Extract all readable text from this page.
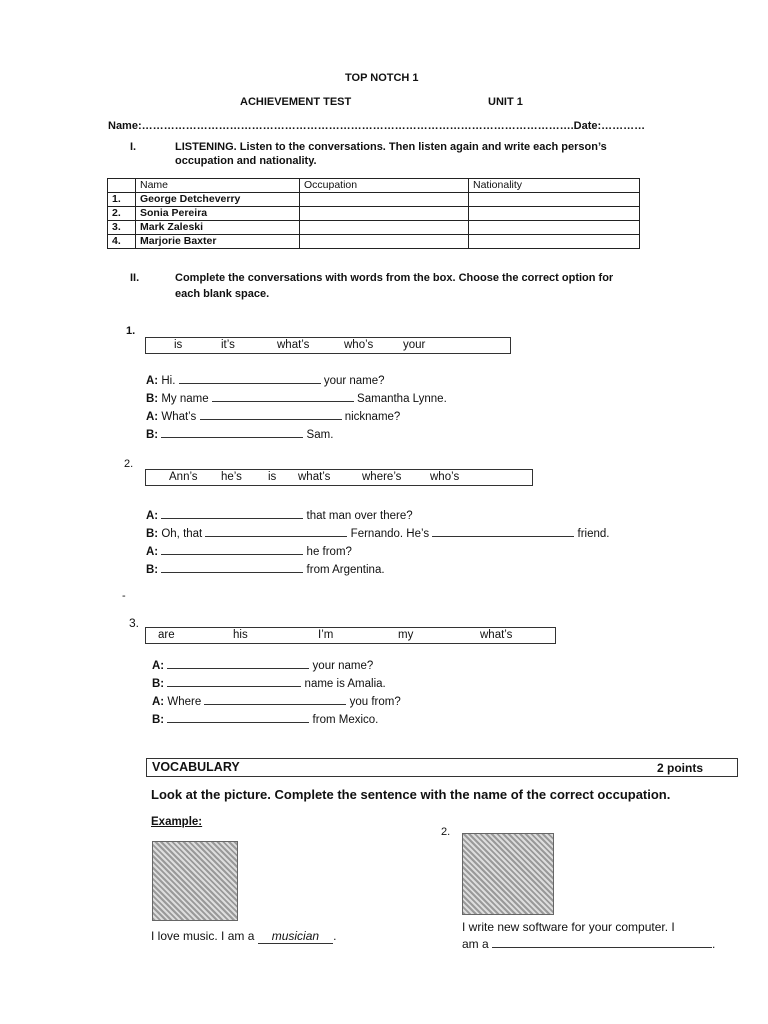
TOP NOTCH 1
ACHIEVEMENT TEST	UNIT 1
Name:……………………………………………………………………………………………………….Date:…………
I.	LISTENING. Listen to the conversations. Then listen again and write each person’s
occupation and nationality.
	Name	Occupation	Nationality
1.	George Detcheverry		
2.	Sonia Pereira		
3.	Mark Zaleski		
4.	Marjorie Baxter		
II.	Complete the conversations with words from the box. Choose the correct option for
each blank space.
1.
is	it’s	what’s	who’s	your
A: Hi.	your name?
B: My name	Samantha Lynne.
A: What’s	nickname?
B:	Sam.
2.
Ann’s he’s is what’s	where’s who’s
A:	that man over there?
B: Oh, that	Fernando. He’s	friend.
A:	he from?
B:	from Argentina.
-
3.
are	his	I’m	my	what’s
A:	your name?
B:	name is Amalia.
A: Where	you from?
B:	from Mexico.
VOCABULARY	2 points
Look at the picture. Complete the sentence with the name of the correct occupation.
Example:
I love music. I am a musician .
2.
I write new software for your computer. I
am a	.
